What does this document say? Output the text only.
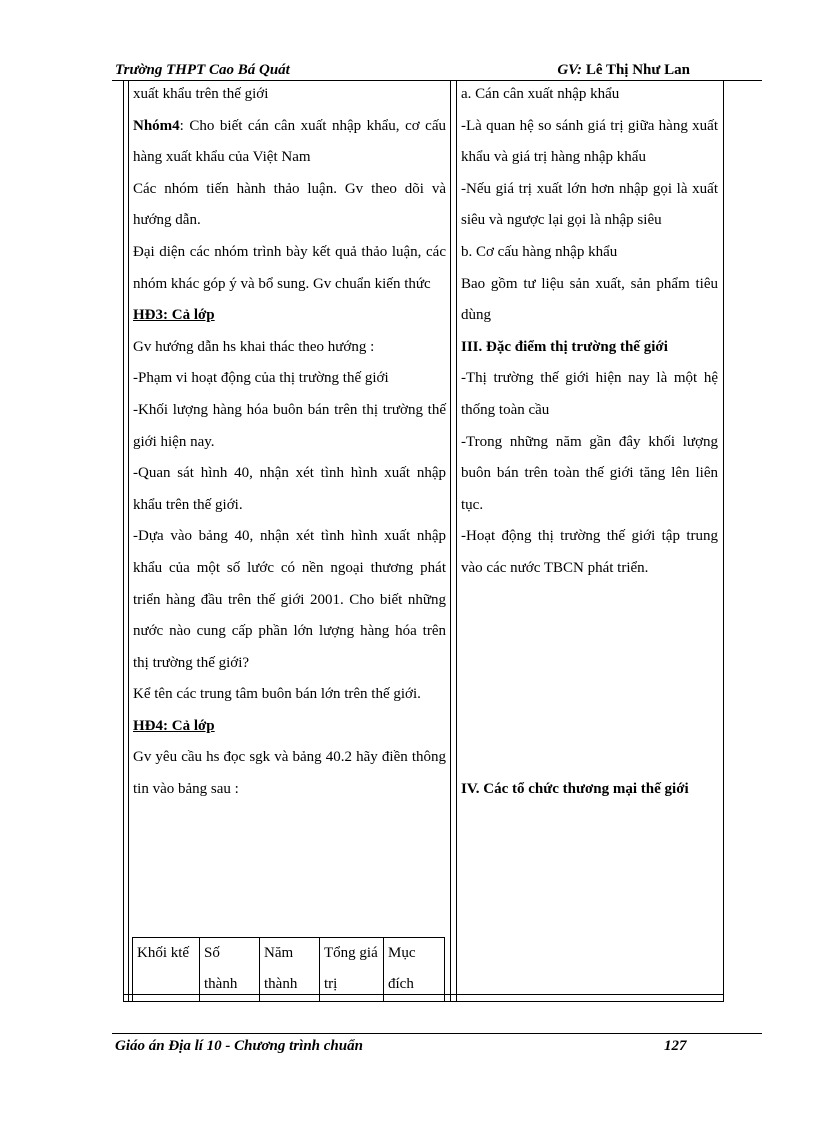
Trường THPT Cao Bá Quát	GV: Lê Thị Như Lan

xuất khẩu trên thế giới

Nhóm4: Cho biết cán cân xuất nhập khẩu, cơ cấu hàng xuất khẩu của Việt Nam

Các nhóm tiến hành thảo luận. Gv theo dõi và hướng dẫn.

Đại diện các nhóm trình bày kết quả thảo luận, các nhóm khác góp ý và bổ sung. Gv chuẩn kiến thức

HĐ3: Cả lớp

Gv hướng dẫn hs khai thác theo hướng :

-Phạm vi hoạt động của thị trường thế giới

-Khối lượng hàng hóa buôn bán trên thị trường thế giới hiện nay.

-Quan sát hình 40, nhận xét tình hình xuất nhập khẩu trên thế giới.

-Dựa vào bảng 40, nhận xét tình hình xuất nhập khẩu của một số lước có nền ngoại thương phát triển hàng đầu trên thế giới 2001. Cho biết những nước nào cung cấp phần lớn lượng hàng hóa trên thị trường thế giới?

Kể tên các trung tâm buôn bán lớn trên thế giới.

HĐ4: Cả lớp

Gv yêu cầu hs đọc sgk và bảng 40.2 hãy điền thông tin vào bảng sau :

Khối ktế	Số thành	Năm thành	Tổng giá trị	Mục đích

a. Cán cân xuất nhập khẩu

-Là quan hệ so sánh giá trị giữa hàng xuất khẩu và giá trị hàng nhập khẩu

-Nếu giá trị xuất lớn hơn nhập gọi là xuất siêu và ngược lại gọi là nhập siêu

b. Cơ cấu hàng nhập khẩu

Bao gồm tư liệu sản xuất, sản phẩm tiêu dùng

III. Đặc điểm thị trường thế giới

-Thị trường thế giới hiện nay là một hệ thống toàn cầu

-Trong những năm gần đây khối lượng buôn bán trên toàn thế giới tăng lên liên tục.

-Hoạt động thị trường thế giới tập trung vào các nước TBCN phát triển.

IV. Các tổ chức thương mại thế giới

Giáo án Địa lí 10 - Chương trình chuẩn	127
